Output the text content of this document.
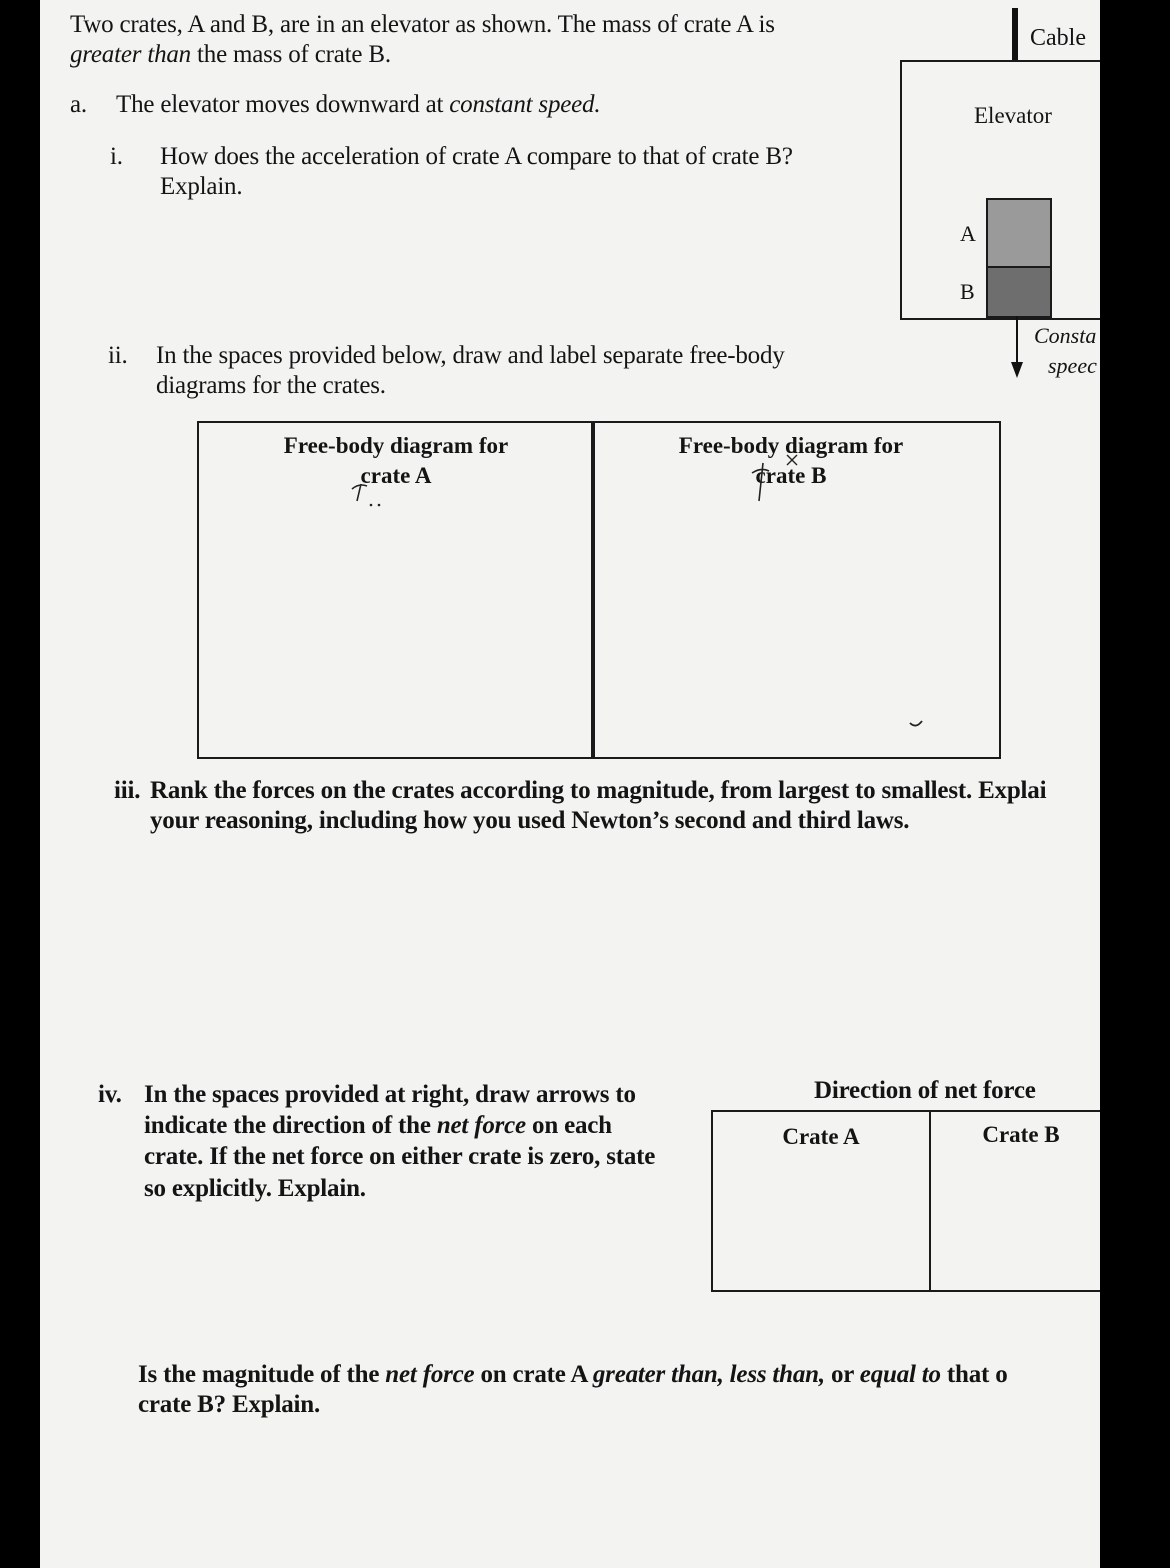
Two crates, A and B, are in an elevator as shown. The mass of crate A is
greater than the mass of crate B.
a. The elevator moves downward at constant speed.
i. How does the acceleration of crate A compare to that of crate B?
Explain.
ii. In the spaces provided below, draw and label separate free-body
diagrams for the crates.
Free-body diagram for
crate A
Free-body diagram for
crate B
iii. Rank the forces on the crates according to magnitude, from largest to smallest. Explai
your reasoning, including how you used Newton’s second and third laws.
iv. In the spaces provided at right, draw arrows to
indicate the direction of the net force on each
crate. If the net force on either crate is zero, state
so explicitly. Explain.
Direction of net force
Crate A	Crate B
Is the magnitude of the net force on crate A greater than, less than, or equal to that o
crate B? Explain.
Cable
Elevator
A
B
Consta
speec
